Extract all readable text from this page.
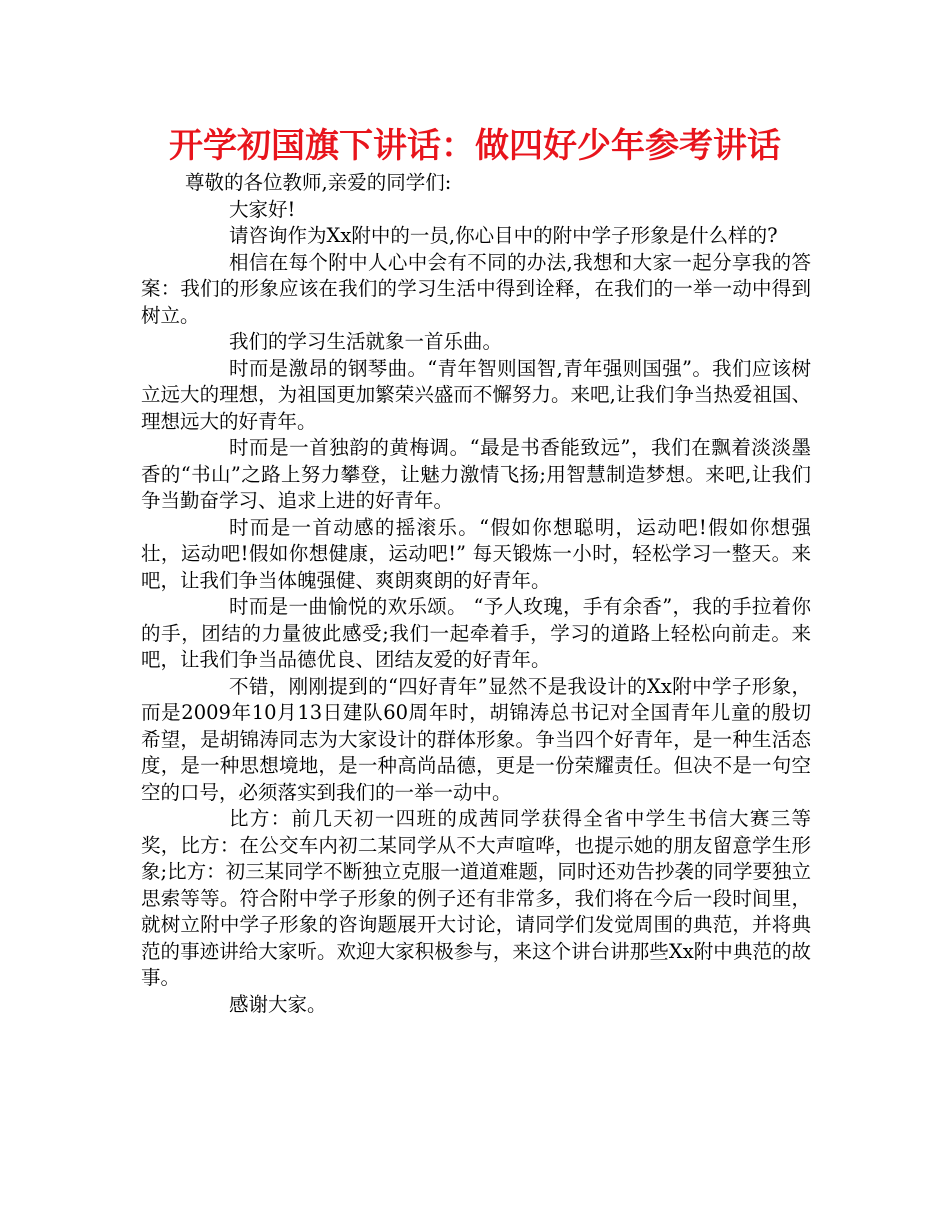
开学初国旗下讲话：做四好少年参考讲话

尊敬的各位教师,亲爱的同学们:

大家好!

请咨询作为Xx附中的一员,你心目中的附中学子形象是什么样的?

相信在每个附中人心中会有不同的办法,我想和大家一起分享我的答案：我们的形象应该在我们的学习生活中得到诠释，在我们的一举一动中得到树立。

我们的学习生活就象一首乐曲。

时而是激昂的钢琴曲。“青年智则国智,青年强则国强”。我们应该树立远大的理想，为祖国更加繁荣兴盛而不懈努力。来吧,让我们争当热爱祖国、理想远大的好青年。

时而是一首独韵的黄梅调。“最是书香能致远”，我们在飘着淡淡墨香的“书山”之路上努力攀登，让魅力激情飞扬;用智慧制造梦想。来吧,让我们争当勤奋学习、追求上进的好青年。

时而是一首动感的摇滚乐。“假如你想聪明，运动吧!假如你想强壮，运动吧!假如你想健康，运动吧!” 每天锻炼一小时，轻松学习一整天。来吧，让我们争当体魄强健、爽朗爽朗的好青年。

时而是一曲愉悦的欢乐颂。 “予人玫瑰，手有余香”，我的手拉着你的手，团结的力量彼此感受;我们一起牵着手，学习的道路上轻松向前走。来吧，让我们争当品德优良、团结友爱的好青年。

不错，刚刚提到的“四好青年”显然不是我设计的Xx附中学子形象，而是2009年10月13日建队60周年时，胡锦涛总书记对全国青年儿童的殷切希望，是胡锦涛同志为大家设计的群体形象。争当四个好青年，是一种生活态度，是一种思想境地，是一种高尚品德，更是一份荣耀责任。但决不是一句空空的口号，必须落实到我们的一举一动中。

比方：前几天初一四班的成茜同学获得全省中学生书信大赛三等奖，比方：在公交车内初二某同学从不大声喧哗，也提示她的朋友留意学生形象;比方：初三某同学不断独立克服一道道难题，同时还劝告抄袭的同学要独立思索等等。符合附中学子形象的例子还有非常多，我们将在今后一段时间里，就树立附中学子形象的咨询题展开大讨论，请同学们发觉周围的典范，并将典范的事迹讲给大家听。欢迎大家积极参与，来这个讲台讲那些Xx附中典范的故事。

感谢大家。
